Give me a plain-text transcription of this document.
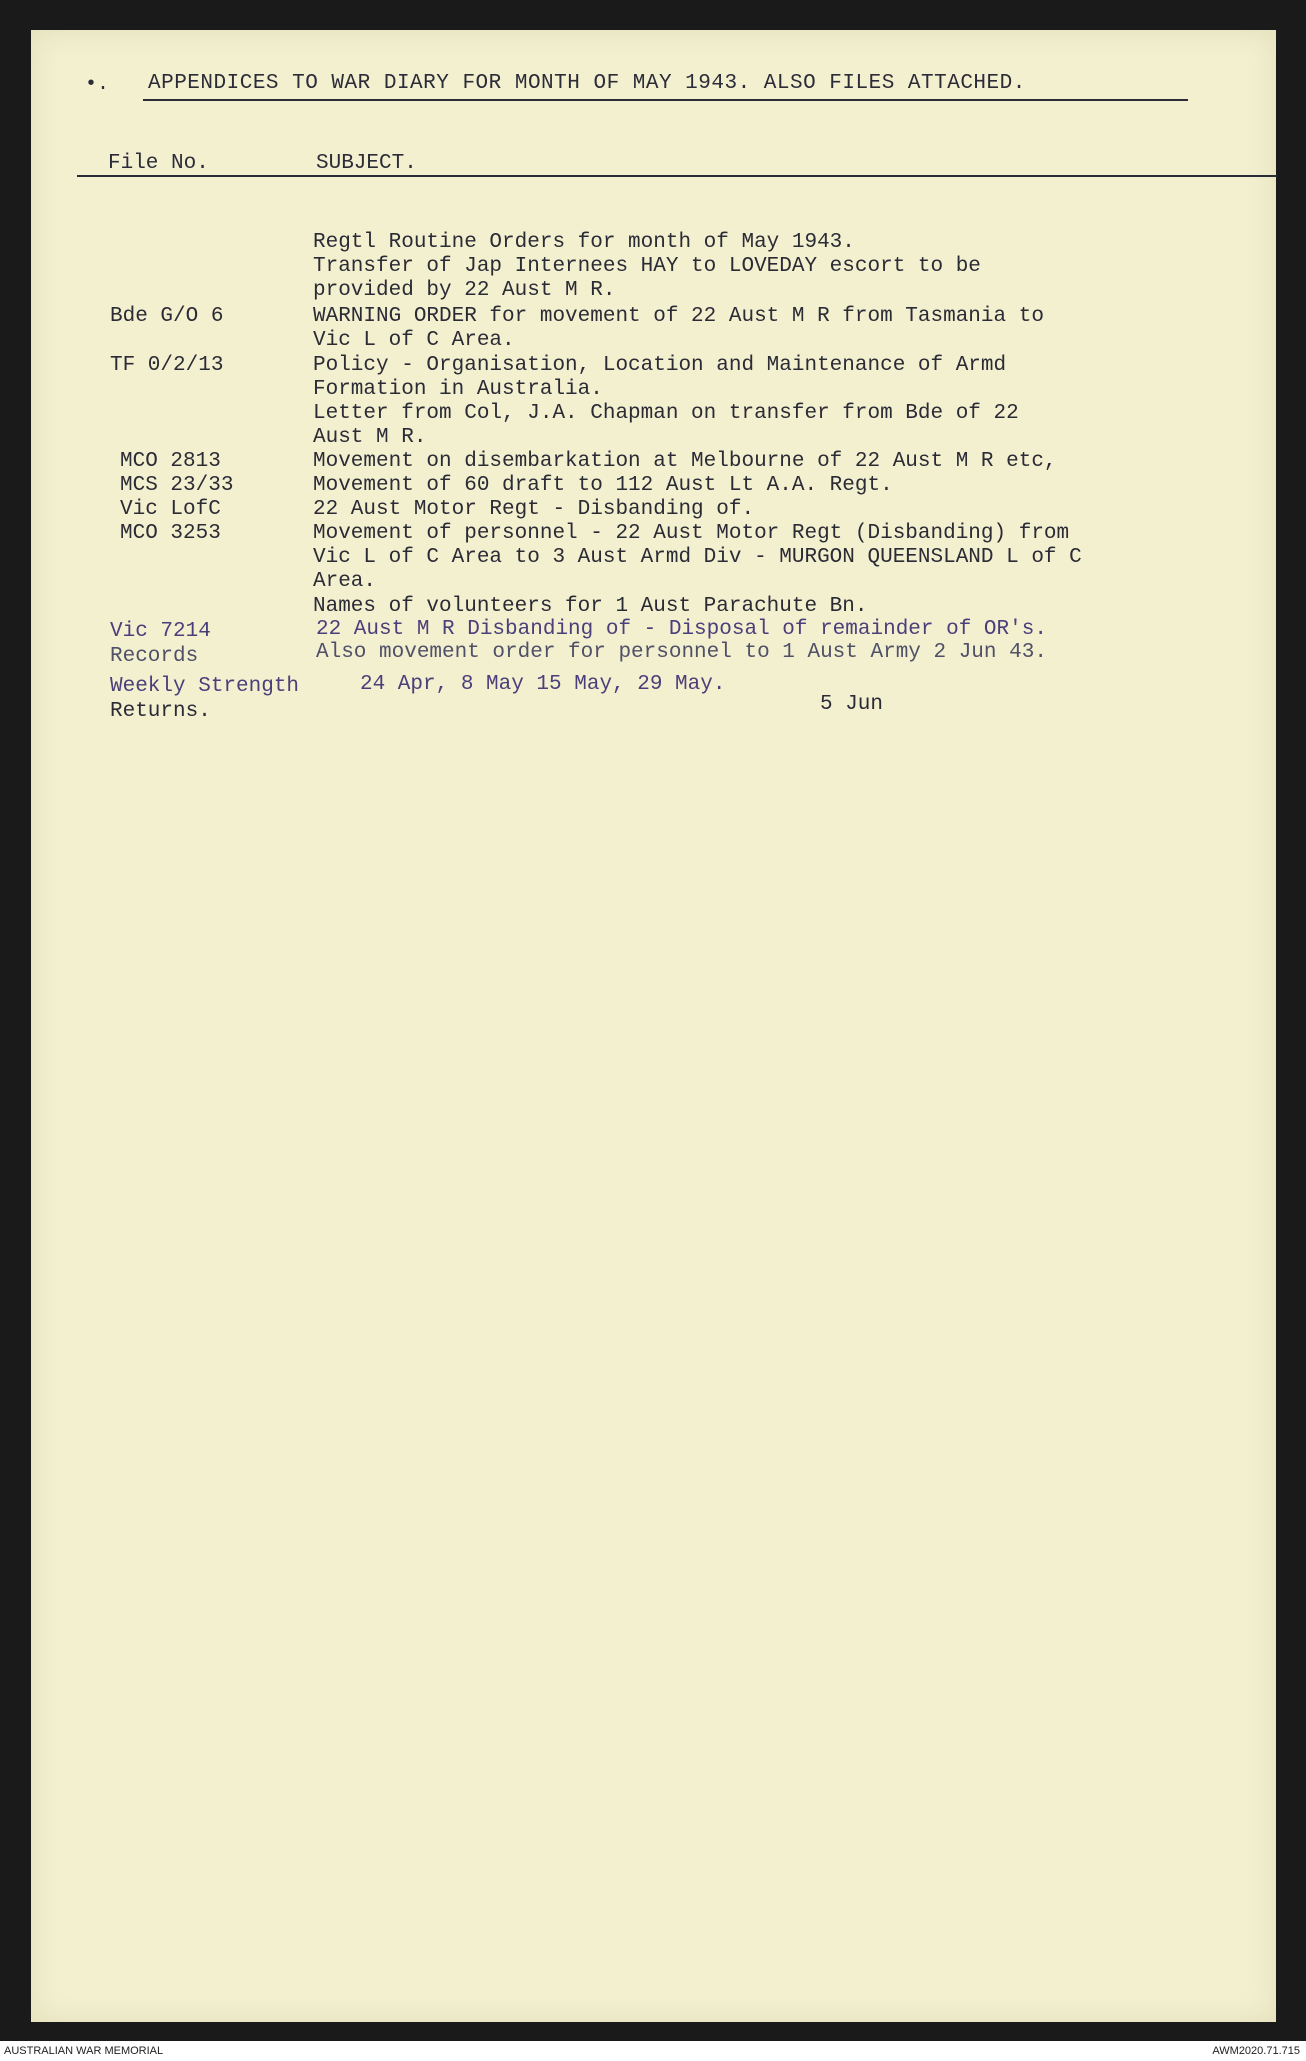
•. APPENDICES TO WAR DIARY FOR MONTH OF MAY 1943. ALSO FILES ATTACHED.
File No.	SUBJECT.
Regtl Routine Orders for month of May 1943.
Transfer of Jap Internees HAY to LOVEDAY escort to be
provided by 22 Aust M R.
Bde G/O 6	WARNING ORDER for movement of 22 Aust M R from Tasmania to
Vic L of C Area.
TF 0/2/13	Policy - Organisation, Location and Maintenance of Armd
Formation in Australia.
Letter from Col, J.A. Chapman on transfer from Bde of 22
Aust M R.
MCO 2813	Movement on disembarkation at Melbourne of 22 Aust M R etc,
MCS 23/33	Movement of 60 draft to 112 Aust Lt A.A. Regt.
Vic LofC	22 Aust Motor Regt - Disbanding of.
MCO 3253	Movement of personnel - 22 Aust Motor Regt (Disbanding) from
Vic L of C Area to 3 Aust Armd Div - MURGON QUEENSLAND L of C
Area.
Names of volunteers for 1 Aust Parachute Bn.
Vic 7214	22 Aust M R Disbanding of - Disposal of remainder of OR's.
Records	Also movement order for personnel to 1 Aust Army 2 Jun 43.
Weekly Strength	24 Apr, 8 May 15 May, 29 May.
Returns.	5 Jun
AUSTRALIAN WAR MEMORIAL	AWM2020.71.715
